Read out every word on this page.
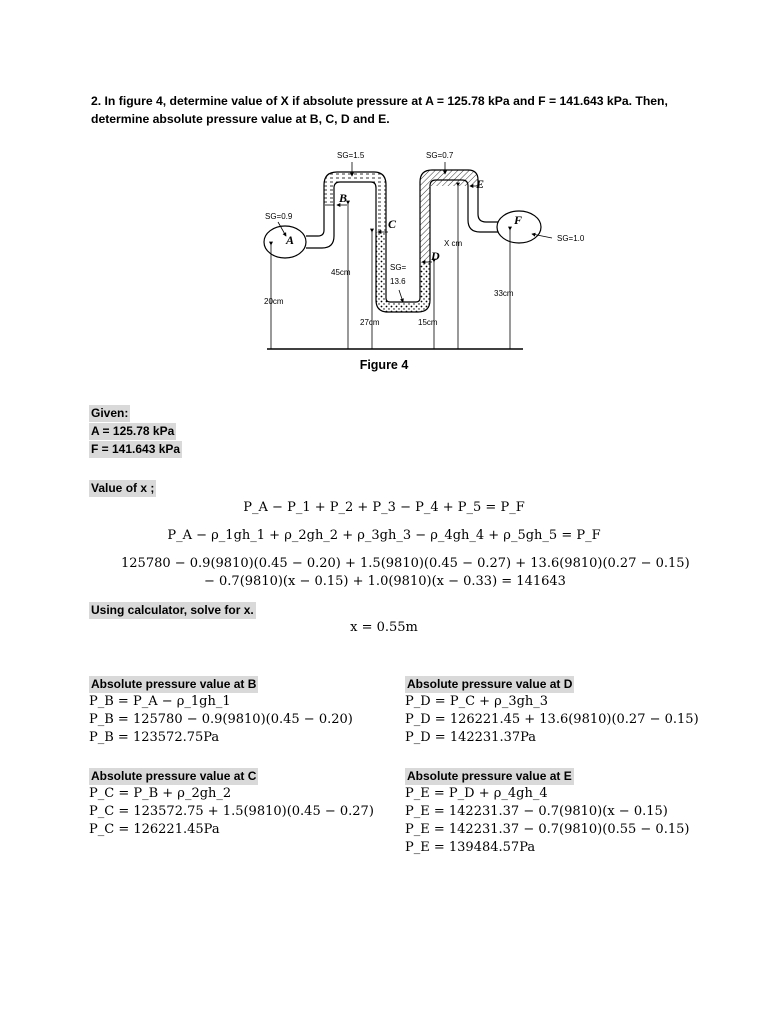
2. In figure 4, determine value of X if absolute pressure at A = 125.78 kPa and F = 141.643 kPa. Then,

determine absolute pressure value at B, C, D and E.

SG=1.5	SG=0.7
SG=0.9
SG=1.0
SG=
13.6
A
B
C
D
E
F
20cm
45cm
27cm	15cm
X cm
33cm
Figure 4
Given:
A = 125.78 kPa
F = 141.643 kPa
Value of x ;
P_A − P_1 + P_2 + P_3 − P_4 + P_5 = P_F
P_A − ρ_1gh_1 + ρ_2gh_2 + ρ_3gh_3 − ρ_4gh_4 + ρ_5gh_5 = P_F
125780 − 0.9(9810)(0.45 − 0.20) + 1.5(9810)(0.45 − 0.27) + 13.6(9810)(0.27 − 0.15)
− 0.7(9810)(x − 0.15) + 1.0(9810)(x − 0.33) = 141643
Using calculator, solve for x.
x = 0.55m
Absolute pressure value at B
P_B = P_A − ρ_1gh_1
P_B = 125780 − 0.9(9810)(0.45 − 0.20)
P_B = 123572.75Pa
Absolute pressure value at C
P_C = P_B + ρ_2gh_2
P_C = 123572.75 + 1.5(9810)(0.45 − 0.27)
P_C = 126221.45Pa
Absolute pressure value at D
P_D = P_C + ρ_3gh_3
P_D = 126221.45 + 13.6(9810)(0.27 − 0.15)
P_D = 142231.37Pa
Absolute pressure value at E
P_E = P_D + ρ_4gh_4
P_E = 142231.37 − 0.7(9810)(x − 0.15)
P_E = 142231.37 − 0.7(9810)(0.55 − 0.15)
P_E = 139484.57Pa
